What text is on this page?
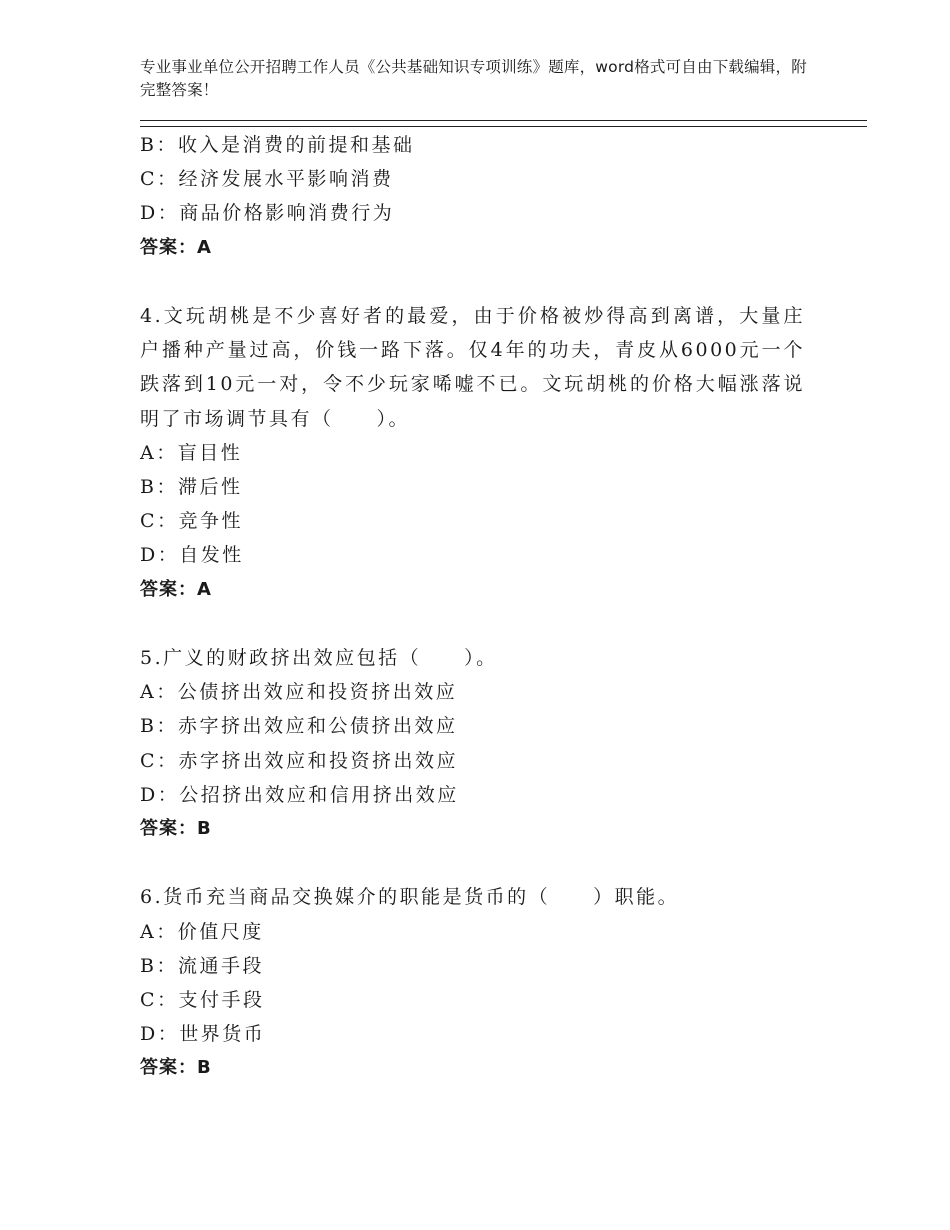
专业事业单位公开招聘工作人员《公共基础知识专项训练》题库，word格式可自由下载编辑，附完整答案！
B：收入是消费的前提和基础
C：经济发展水平影响消费
D：商品价格影响消费行为
答案：A
4.文玩胡桃是不少喜好者的最爱，由于价格被炒得高到离谱，大量庄户播种产量过高，价钱一路下落。仅4年的功夫，青皮从6000元一个跌落到10元一对，令不少玩家唏嘘不已。文玩胡桃的价格大幅涨落说明了市场调节具有（　　）。
A：盲目性
B：滞后性
C：竞争性
D：自发性
答案：A
5.广义的财政挤出效应包括（　　）。
A：公债挤出效应和投资挤出效应
B：赤字挤出效应和公债挤出效应
C：赤字挤出效应和投资挤出效应
D：公招挤出效应和信用挤出效应
答案：B
6.货币充当商品交换媒介的职能是货币的（　　）职能。
A：价值尺度
B：流通手段
C：支付手段
D：世界货币
答案：B
